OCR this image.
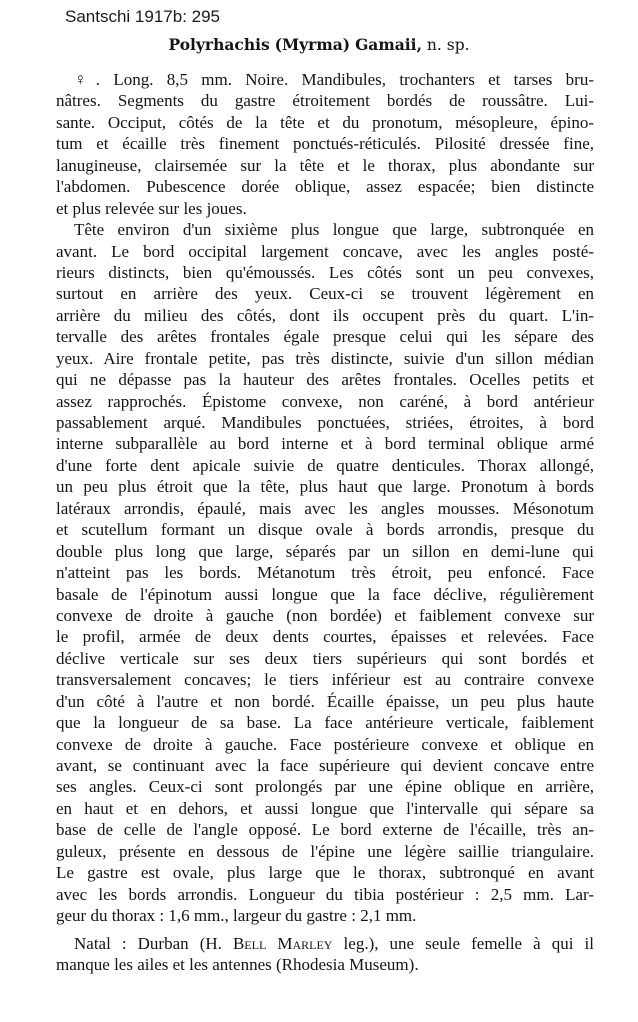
Santschi 1917b: 295
Polyrhachis (Myrma) Gamaii, n. sp.
♀. Long. 8,5 mm. Noire. Mandibules, trochanters et tarses bru-
nâtres. Segments du gastre étroitement bordés de roussâtre. Lui-
sante. Occiput, côtés de la tête et du pronotum, mésopleure, épino-
tum et écaille très finement ponctués-réticulés. Pilosité dressée fine,
lanugineuse, clairsemée sur la tête et le thorax, plus abondante sur
l'abdomen. Pubescence dorée oblique, assez espacée; bien distincte
et plus relevée sur les joues.
Tête environ d'un sixième plus longue que large, subtronquée en
avant. Le bord occipital largement concave, avec les angles posté-
rieurs distincts, bien qu'émoussés. Les côtés sont un peu convexes,
surtout en arrière des yeux. Ceux-ci se trouvent légèrement en
arrière du milieu des côtés, dont ils occupent près du quart. L'in-
tervalle des arêtes frontales égale presque celui qui les sépare des
yeux. Aire frontale petite, pas très distincte, suivie d'un sillon médian
qui ne dépasse pas la hauteur des arêtes frontales. Ocelles petits et
assez rapprochés. Épistome convexe, non caréné, à bord antérieur
passablement arqué. Mandibules ponctuées, striées, étroites, à bord
interne subparallèle au bord interne et à bord terminal oblique armé
d'une forte dent apicale suivie de quatre denticules. Thorax allongé,
un peu plus étroit que la tête, plus haut que large. Pronotum à bords
latéraux arrondis, épaulé, mais avec les angles mousses. Mésonotum
et scutellum formant un disque ovale à bords arrondis, presque du
double plus long que large, séparés par un sillon en demi-lune qui
n'atteint pas les bords. Métanotum très étroit, peu enfoncé. Face
basale de l'épinotum aussi longue que la face déclive, régulièrement
convexe de droite à gauche (non bordée) et faiblement convexe sur
le profil, armée de deux dents courtes, épaisses et relevées. Face
déclive verticale sur ses deux tiers supérieurs qui sont bordés et
transversalement concaves; le tiers inférieur est au contraire convexe
d'un côté à l'autre et non bordé. Écaille épaisse, un peu plus haute
que la longueur de sa base. La face antérieure verticale, faiblement
convexe de droite à gauche. Face postérieure convexe et oblique en
avant, se continuant avec la face supérieure qui devient concave entre
ses angles. Ceux-ci sont prolongés par une épine oblique en arrière,
en haut et en dehors, et aussi longue que l'intervalle qui sépare sa
base de celle de l'angle opposé. Le bord externe de l'écaille, très an-
guleux, présente en dessous de l'épine une légère saillie triangulaire.
Le gastre est ovale, plus large que le thorax, subtronqué en avant
avec les bords arrondis. Longueur du tibia postérieur : 2,5 mm. Lar-
geur du thorax : 1,6 mm., largeur du gastre : 2,1 mm.
Natal : Durban (H. Bell Marley leg.), une seule femelle à qui il
manque les ailes et les antennes (Rhodesia Museum).
